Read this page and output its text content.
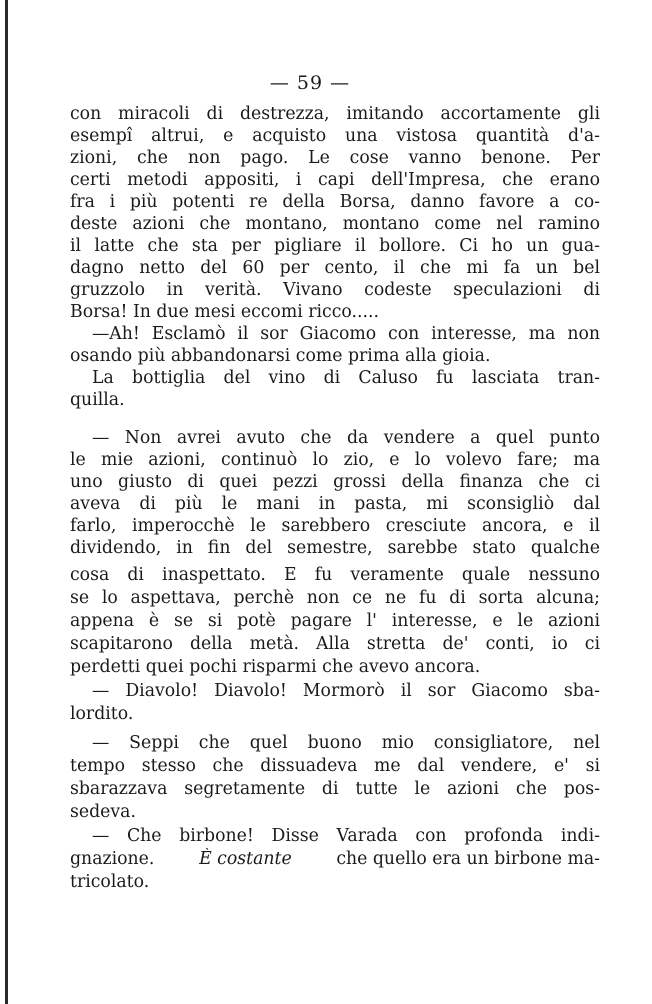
— 59 —
con miracoli di destrezza, imitando accortamente gli
esempî altrui, e acquisto una vistosa quantità d'a-
zioni, che non pago. Le cose vanno benone. Per
certi metodi appositi, i capi dell'Impresa, che erano
fra i più potenti re della Borsa, danno favore a co-
deste azioni che montano, montano come nel ramino
il latte che sta per pigliare il bollore. Ci ho un gua-
dagno netto del 60 per cento, il che mi fa un bel
gruzzolo in verità. Vivano codeste speculazioni di
Borsa! In due mesi eccomi ricco.....
—Ah! Esclamò il sor Giacomo con interesse, ma non
osando più abbandonarsi come prima alla gioia.
La bottiglia del vino di Caluso fu lasciata tran-
quilla.
— Non avrei avuto che da vendere a quel punto
le mie azioni, continuò lo zio, e lo volevo fare; ma
uno giusto di quei pezzi grossi della finanza che ci
aveva di più le mani in pasta, mi sconsigliò dal
farlo, imperocchè le sarebbero cresciute ancora, e il
dividendo, in fin del semestre, sarebbe stato qualche
cosa di inaspettato. E fu veramente quale nessuno
se lo aspettava, perchè non ce ne fu di sorta alcuna;
appena è se si potè pagare l' interesse, e le azioni
scapitarono della metà. Alla stretta de' conti, io ci
perdetti quei pochi risparmi che avevo ancora.
— Diavolo! Diavolo! Mormorò il sor Giacomo sba-
lordito.
— Seppi che quel buono mio consigliatore, nel
tempo stesso che dissuadeva me dal vendere, e' si
sbarazzava segretamente di tutte le azioni che pos-
sedeva.
— Che birbone! Disse Varada con profonda indi-
gnazione.	È costante	che quello era un birbone ma-
tricolato.
